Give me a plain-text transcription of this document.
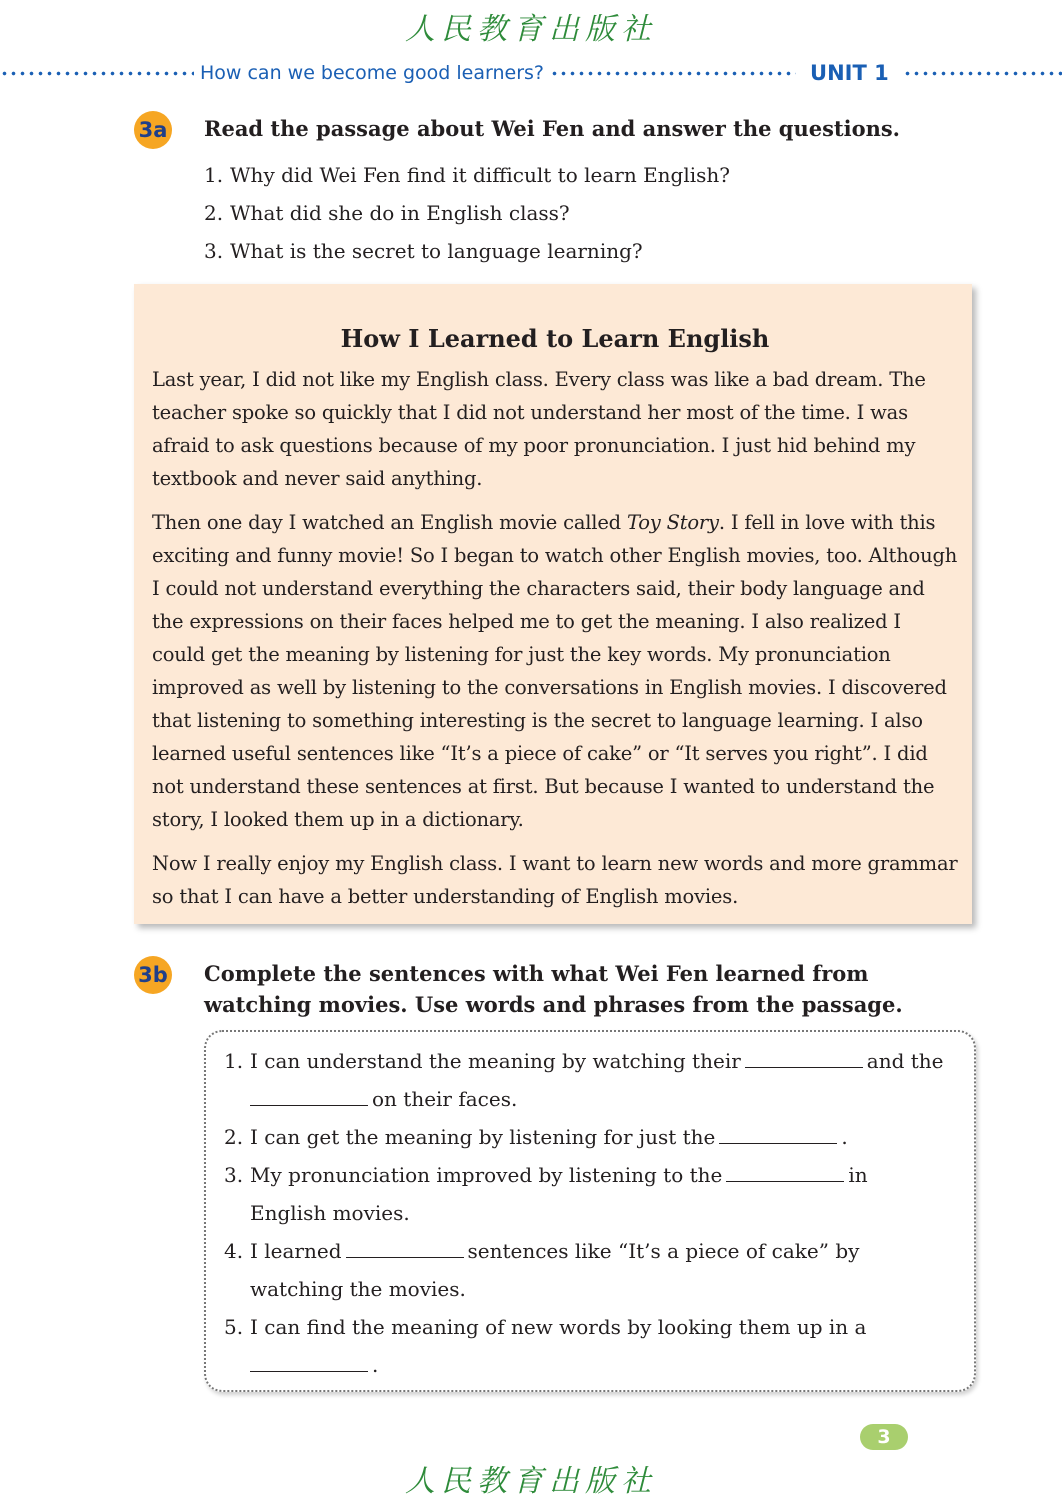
人民教育出版社
How can we become good learners?	UNIT 1
3a Read the passage about Wei Fen and answer the questions.
1. Why did Wei Fen find it difficult to learn English?
2. What did she do in English class?
3. What is the secret to language learning?
How I Learned to Learn English

Last year, I did not like my English class. Every class was like a bad dream. The teacher spoke so quickly that I did not understand her most of the time. I was afraid to ask questions because of my poor pronunciation. I just hid behind my textbook and never said anything.

Then one day I watched an English movie called Toy Story. I fell in love with this exciting and funny movie! So I began to watch other English movies, too. Although I could not understand everything the characters said, their body language and the expressions on their faces helped me to get the meaning. I also realized I could get the meaning by listening for just the key words. My pronunciation improved as well by listening to the conversations in English movies. I discovered that listening to something interesting is the secret to language learning. I also learned useful sentences like “It’s a piece of cake” or “It serves you right”. I did not understand these sentences at first. But because I wanted to understand the story, I looked them up in a dictionary.

Now I really enjoy my English class. I want to learn new words and more grammar so that I can have a better understanding of English movies.

3b Complete the sentences with what Wei Fen learned from watching movies. Use words and phrases from the passage.
1. I can understand the meaning by watching their	and the
on their faces.
2. I can get the meaning by listening for just the	.
3. My pronunciation improved by listening to the	in English movies.
4. I learned	sentences like “It’s a piece of cake” by watching the movies.
5. I can find the meaning of new words by looking them up in a
.
3
人民教育出版社
